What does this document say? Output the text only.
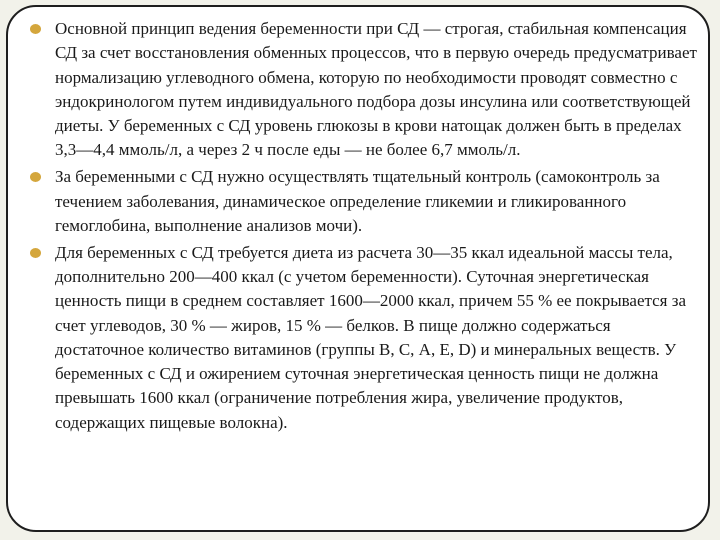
Основной принцип ведения беременности при СД — строгая, стабильная компенсация СД за счет восстановления обменных процессов, что в первую очередь предусматривает нормализацию углеводного обмена, которую по необходимости проводят совместно с эндокринологом путем индивидуального подбора дозы инсулина или соответствующей диеты. У беременных с СД уровень глюкозы в крови натощак должен быть в пределах 3,3—4,4 ммоль/л, а через 2 ч после еды — не более 6,7 ммоль/л.
За беременными с СД нужно осуществлять тщательный контроль (самоконтроль за течением заболевания, динамическое определение гликемии и гликированного гемоглобина, выполнение анализов мочи).
Для беременных с СД требуется диета из расчета 30—35 ккал идеальной массы тела, дополнительно 200—400 ккал (с учетом беременности). Суточная энергетическая ценность пищи в среднем составляет 1600—2000 ккал, причем 55 % ее покрывается за счет углеводов, 30 % — жиров, 15 % — белков. В пище должно содержаться достаточное количество витаминов (группы В, С, А, Е, D) и минеральных веществ. У беременных с СД и ожирением суточная энергетическая ценность пищи не должна превышать 1600 ккал (ограничение потребления жира, увеличение продуктов, содержащих пищевые волокна).
